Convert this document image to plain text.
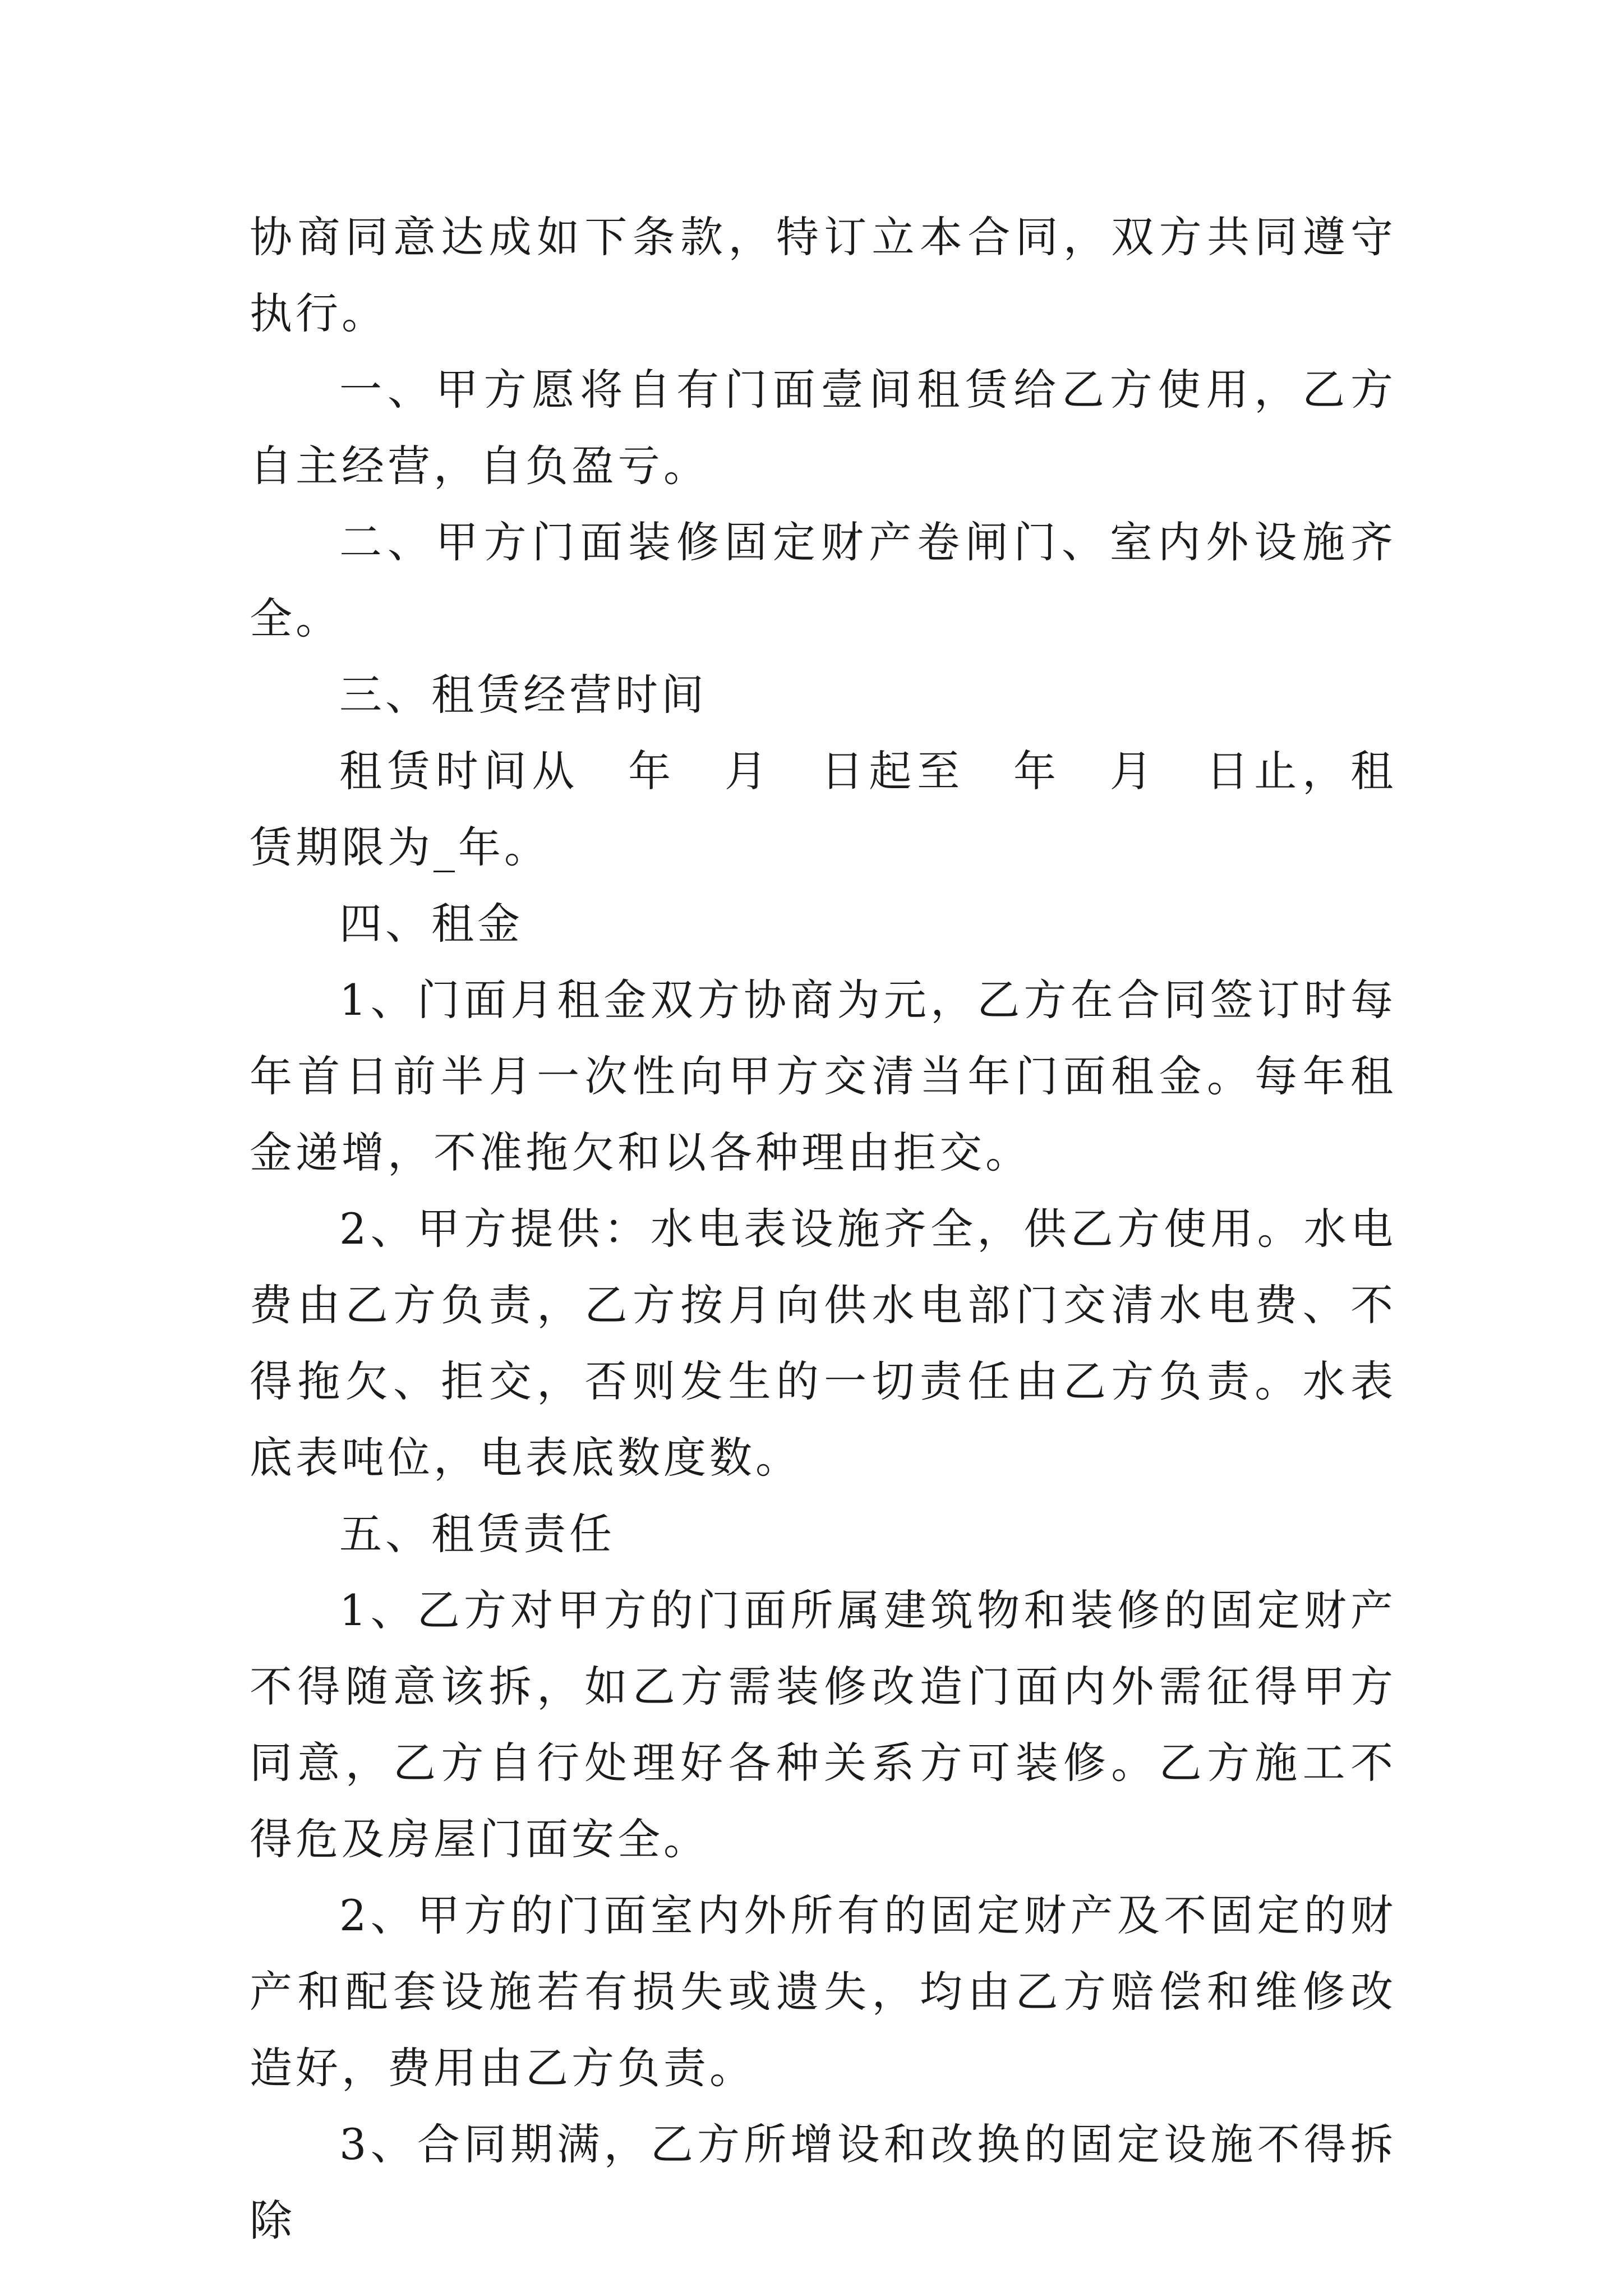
协商同意达成如下条款，特订立本合同，双方共同遵守执行。

一、甲方愿将自有门面壹间租赁给乙方使用，乙方自主经营，自负盈亏。

二、甲方门面装修固定财产卷闸门、室内外设施齐全。

三、租赁经营时间

租赁时间从　年　月　日起至　年　月　日止，租赁期限为_年。

四、租金

1、门面月租金双方协商为元，乙方在合同签订时每年首日前半月一次性向甲方交清当年门面租金。每年租金递增，不准拖欠和以各种理由拒交。

2、甲方提供：水电表设施齐全，供乙方使用。水电费由乙方负责，乙方按月向供水电部门交清水电费、不得拖欠、拒交，否则发生的一切责任由乙方负责。水表底表吨位，电表底数度数。

五、租赁责任

1、乙方对甲方的门面所属建筑物和装修的固定财产不得随意该拆，如乙方需装修改造门面内外需征得甲方同意，乙方自行处理好各种关系方可装修。乙方施工不得危及房屋门面安全。

2、甲方的门面室内外所有的固定财产及不固定的财产和配套设施若有损失或遗失，均由乙方赔偿和维修改造好，费用由乙方负责。

3、合同期满，乙方所增设和改换的固定设施不得拆除
